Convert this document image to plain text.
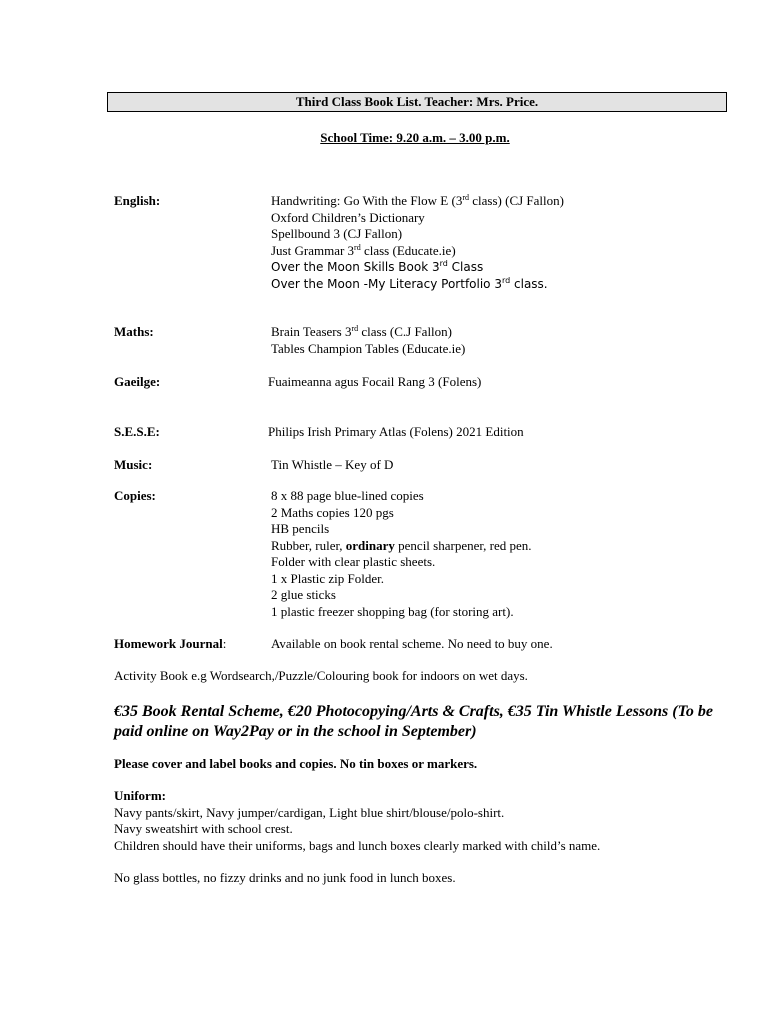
Third Class Book List. Teacher: Mrs. Price.
School Time: 9.20 a.m. – 3.00 p.m.
English:	Handwriting: Go With the Flow E (3rd class) (CJ Fallon)
Oxford Children’s Dictionary
Spellbound 3 (CJ Fallon)
Just Grammar 3rd class (Educate.ie)
Over the Moon Skills Book 3rd Class
Over the Moon -My Literacy Portfolio 3rd class.
Maths:	Brain Teasers 3rd class (C.J Fallon)
Tables Champion Tables (Educate.ie)
Gaeilge:	Fuaimeanna agus Focail Rang 3 (Folens)
S.E.S.E:	Philips Irish Primary Atlas (Folens) 2021 Edition
Music:	Tin Whistle – Key of D
Copies:	8 x 88 page blue-lined copies
2 Maths copies 120 pgs
HB pencils
Rubber, ruler, ordinary pencil sharpener, red pen.
Folder with clear plastic sheets.
1 x Plastic zip Folder.
2 glue sticks
1 plastic freezer shopping bag (for storing art).
Homework Journal:	Available on book rental scheme. No need to buy one.
Activity Book e.g Wordsearch,/Puzzle/Colouring book for indoors on wet days.
€35 Book Rental Scheme, €20 Photocopying/Arts & Crafts, €35 Tin Whistle Lessons (To be paid online on Way2Pay or in the school in September)
Please cover and label books and copies. No tin boxes or markers.
Uniform:
Navy pants/skirt, Navy jumper/cardigan, Light blue shirt/blouse/polo-shirt.
Navy sweatshirt with school crest.
Children should have their uniforms, bags and lunch boxes clearly marked with child’s name.
No glass bottles, no fizzy drinks and no junk food in lunch boxes.
